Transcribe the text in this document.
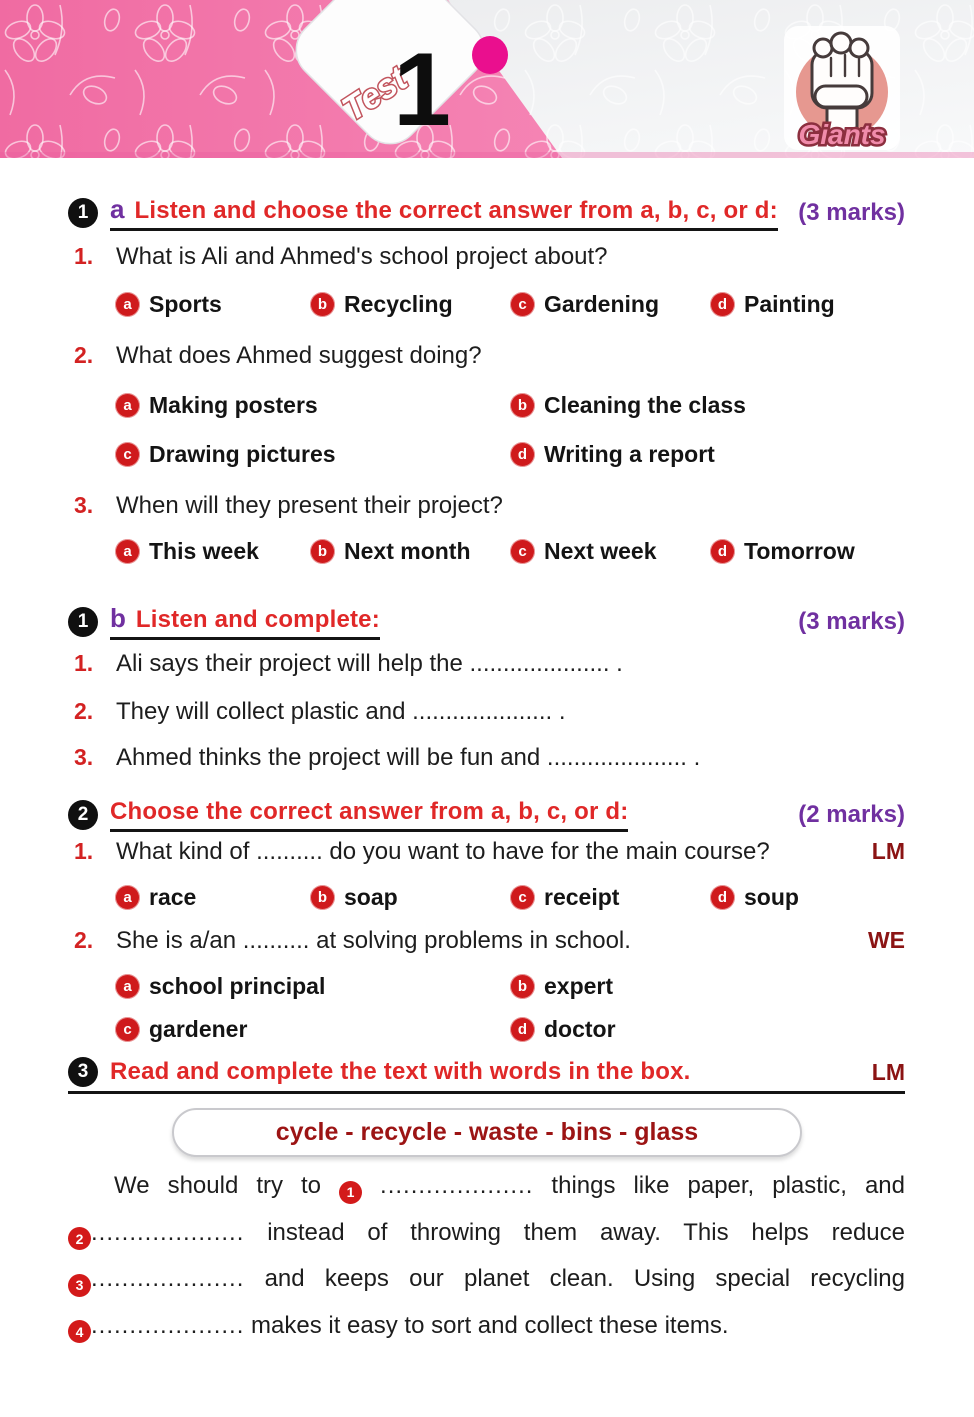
Test
1	Giants
1 a Listen and choose the correct answer from a, b, c, or d: (3 marks)
1. What is Ali and Ahmed's school project about?
a Sports	b Recycling	c Gardening	d Painting
2. What does Ahmed suggest doing?
a Making posters	b Cleaning the class
c Drawing pictures	d Writing a report
3. When will they present their project?
a This week	b Next month	c Next week	d Tomorrow
1 b Listen and complete:	(3 marks)
1. Ali says their project will help the ..................... .
2. They will collect plastic and ..................... .
3. Ahmed thinks the project will be fun and ..................... .
2 Choose the correct answer from a, b, c, or d:	(2 marks)
1. What kind of .......... do you want to have for the main course?	LM
a race	b soap	c receipt	d soup
2. She is a/an .......... at solving problems in school.	WE
a school principal	b expert
c gardener	d doctor
3 Read and complete the text with words in the box.	LM
cycle - recycle - waste - bins - glass
We should try to 1 .................... things like paper, plastic, and
2 .................... instead of throwing them away. This helps reduce
3 .................... and keeps our planet clean. Using special recycling
4 .................... makes it easy to sort and collect these items.
